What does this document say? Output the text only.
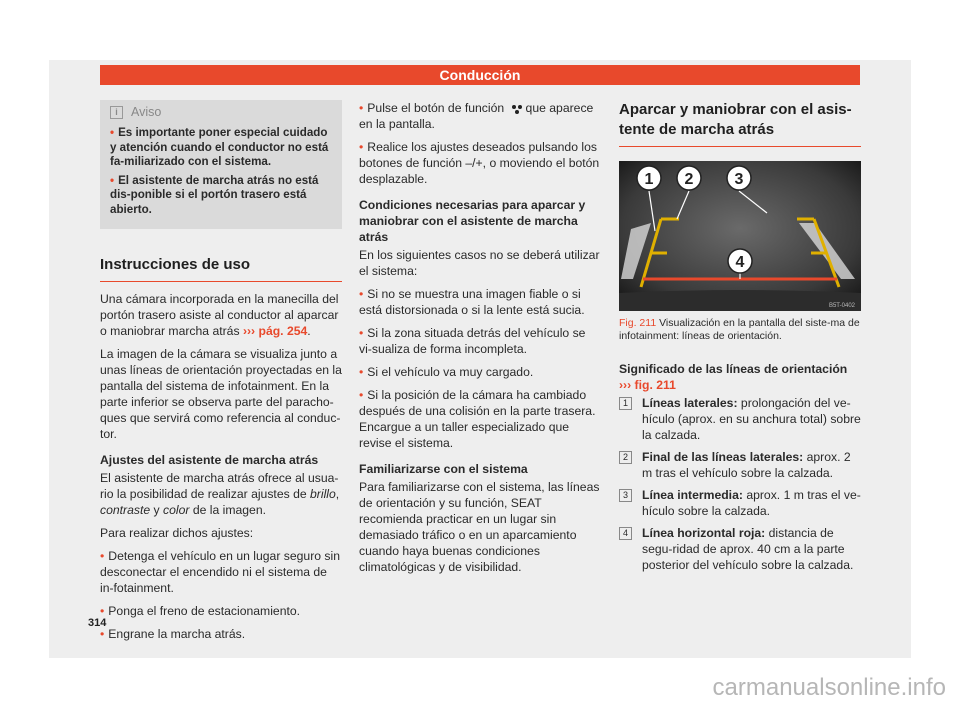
Conducción
i	Aviso
• Es importante poner especial cuidado y atención cuando el conductor no está fa-miliarizado con el sistema.
• El asistente de marcha atrás no está dis-ponible si el portón trasero está abierto.
Instrucciones de uso

Una cámara incorporada en la manecilla del portón trasero asiste al conductor al aparcar o maniobrar marcha atrás ››› pág. 254.

La imagen de la cámara se visualiza junto a unas líneas de orientación proyectadas en la pantalla del sistema de infotainment. En la parte inferior se observa parte del paracho-ques que servirá como referencia al conduc-tor.

Ajustes del asistente de marcha atrás

El asistente de marcha atrás ofrece al usua-rio la posibilidad de realizar ajustes de brillo, contraste y color de la imagen.

Para realizar dichos ajustes:

• Detenga el vehículo en un lugar seguro sin desconectar el encendido ni el sistema de in-fotainment.

• Ponga el freno de estacionamiento.

• Engrane la marcha atrás.

• Pulse el botón de función que aparece en la pantalla.

• Realice los ajustes deseados pulsando los botones de función –/+, o moviendo el botón desplazable.

Condiciones necesarias para aparcar y maniobrar con el asistente de marcha atrás

En los siguientes casos no se deberá utilizar el sistema:

• Si no se muestra una imagen fiable o si está distorsionada o si la lente está sucia.

• Si la zona situada detrás del vehículo se vi-sualiza de forma incompleta.

• Si el vehículo va muy cargado.

• Si la posición de la cámara ha cambiado después de una colisión en la parte trasera. Encargue a un taller especializado que revise el sistema.

Familiarizarse con el sistema

Para familiarizarse con el sistema, las líneas de orientación y su función, SEAT recomienda practicar en un lugar sin demasiado tráfico o en un aparcamiento cuando haya buenas condiciones climatológicas y de visibilidad.

Aparcar y maniobrar con el asis-tente de marcha atrás
1 2	3
4
B5T-0402
Fig. 211 Visualización en la pantalla del siste-ma de infotainment: líneas de orientación.
Significado de las líneas de orientación
››› fig. 211
1	Líneas laterales: prolongación del ve-hículo (aprox. en su anchura total) sobre la calzada.
2	Final de las líneas laterales: aprox. 2 m tras el vehículo sobre la calzada.
3	Línea intermedia: aprox. 1 m tras el ve-hículo sobre la calzada.
4	Línea horizontal roja: distancia de segu-ridad de aprox. 40 cm a la parte posterior del vehículo sobre la calzada.
314
carmanualsonline.info
